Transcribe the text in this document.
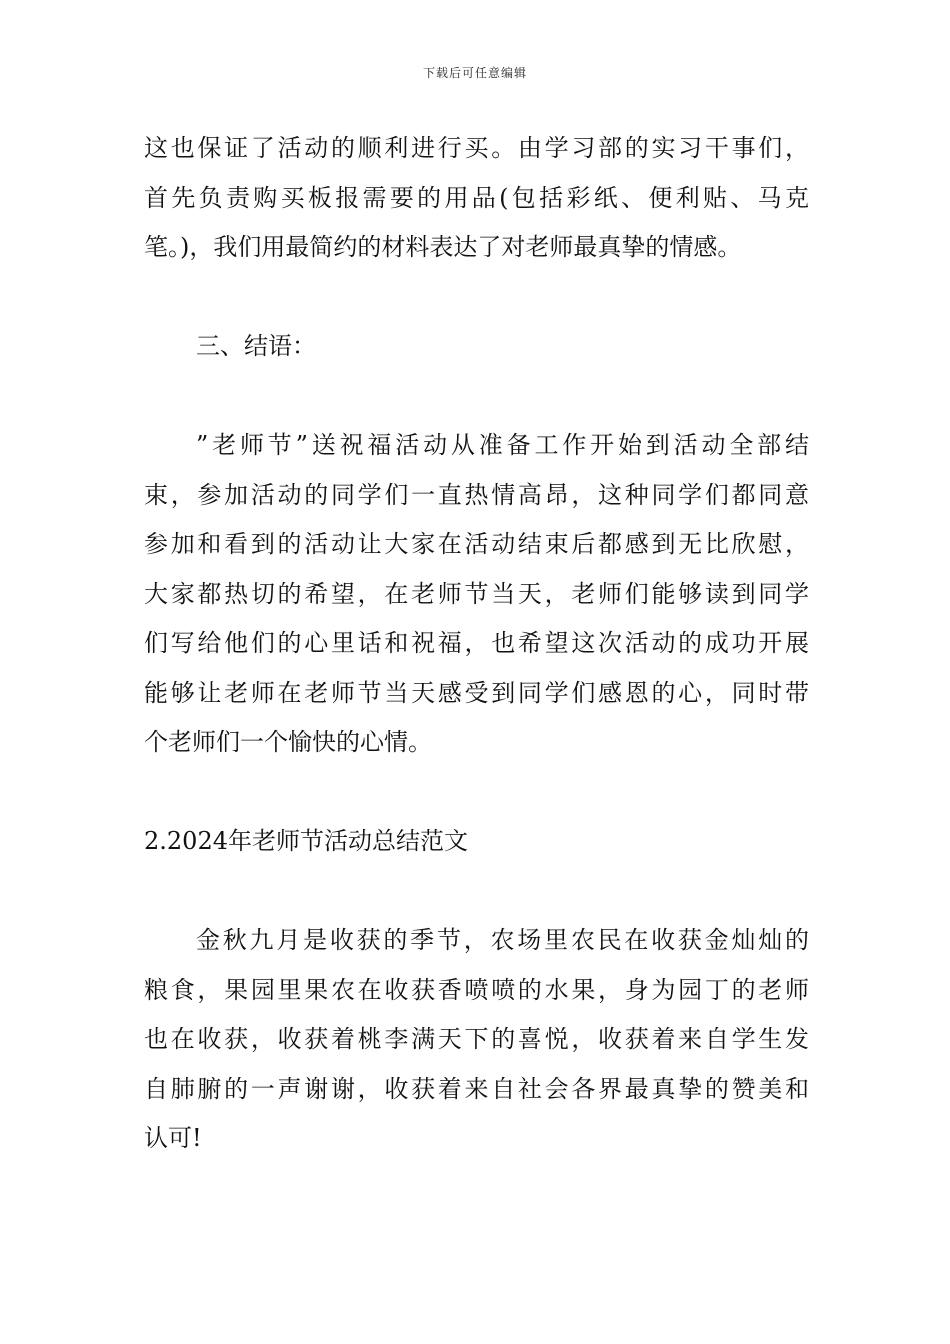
下载后可任意编辑
这也保证了活动的顺利进行买。由学习部的实习干事们，
首先负责购买板报需要的用品(包括彩纸、便利贴、马克
笔。)，我们用最简约的材料表达了对老师最真挚的情感。
三、结语：
”老师节”送祝福活动从准备工作开始到活动全部结
束，参加活动的同学们一直热情高昂，这种同学们都同意
参加和看到的活动让大家在活动结束后都感到无比欣慰，
大家都热切的希望，在老师节当天，老师们能够读到同学
们写给他们的心里话和祝福，也希望这次活动的成功开展
能够让老师在老师节当天感受到同学们感恩的心，同时带
个老师们一个愉快的心情。
2.2024年老师节活动总结范文
金秋九月是收获的季节，农场里农民在收获金灿灿的
粮食，果园里果农在收获香喷喷的水果，身为园丁的老师
也在收获，收获着桃李满天下的喜悦，收获着来自学生发
自肺腑的一声谢谢，收获着来自社会各界最真挚的赞美和
认可!
